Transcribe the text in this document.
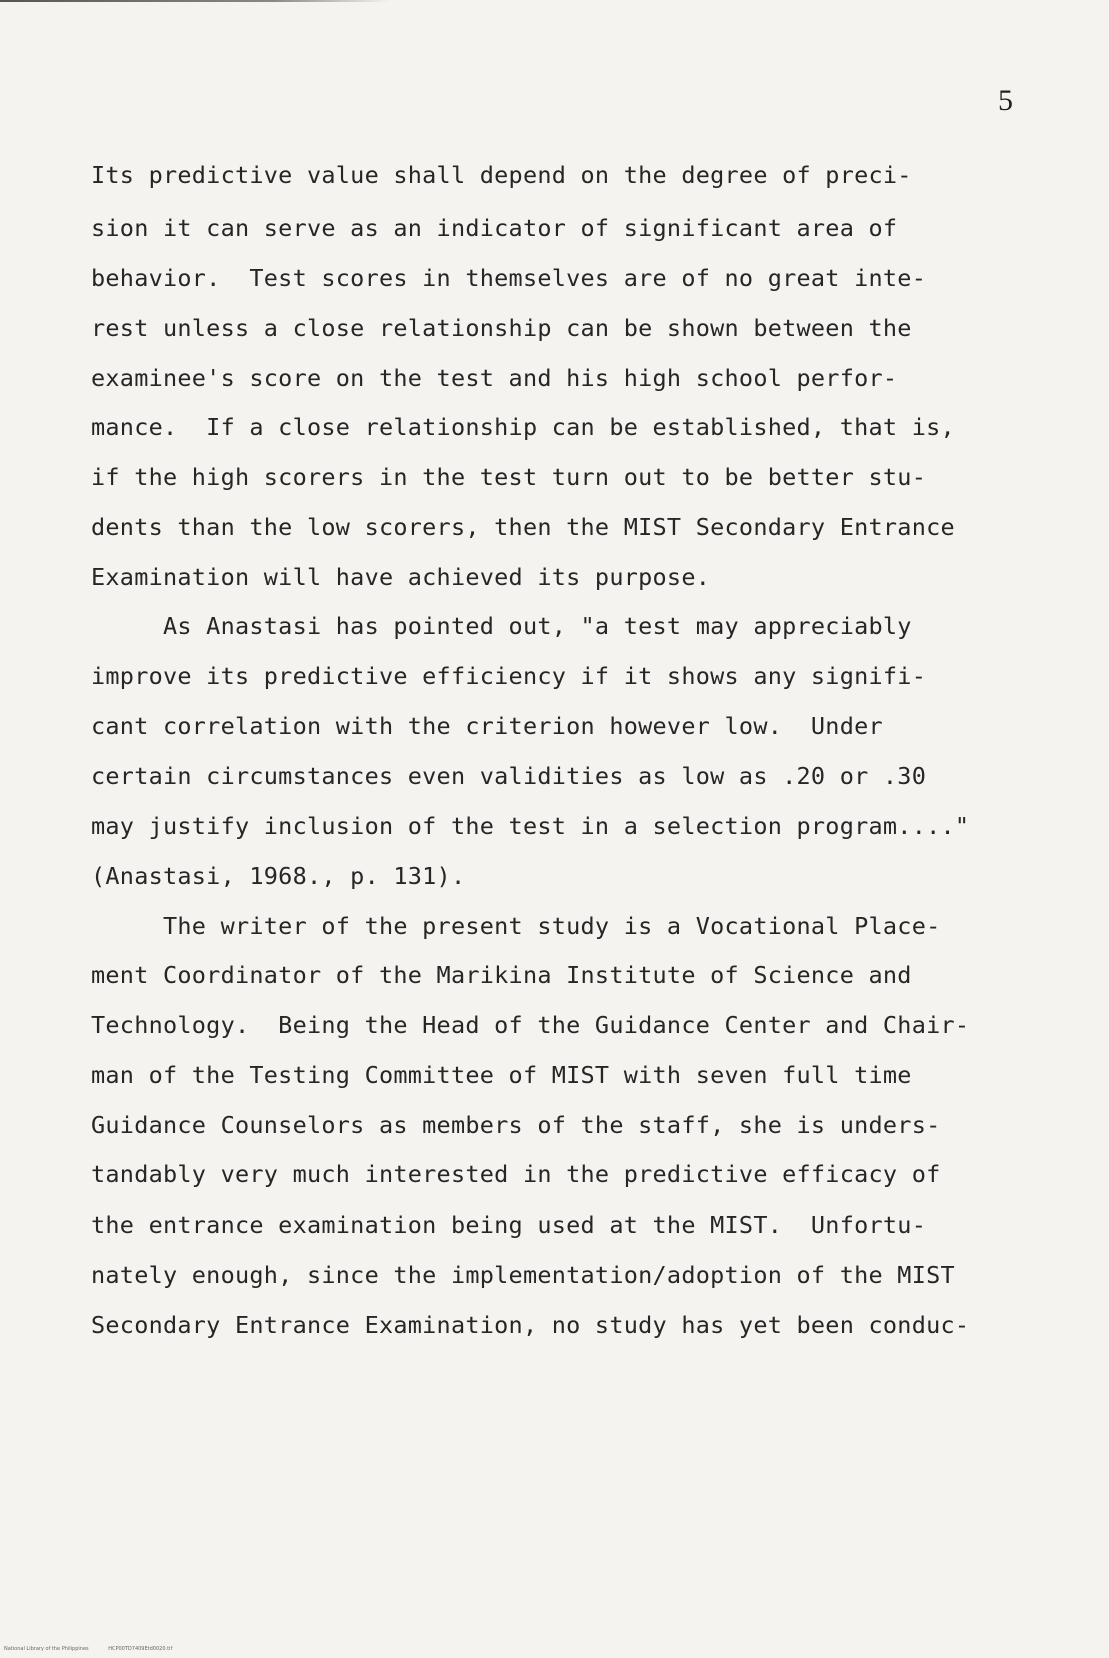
5

Its predictive value shall depend on the degree of preci-

sion it can serve as an indicator of significant area of

behavior.  Test scores in themselves are of no great inte-

rest unless a close relationship can be shown between the

examinee's score on the test and his high school perfor-

mance.  If a close relationship can be established, that is,

if the high scorers in the test turn out to be better stu-

dents than the low scorers, then the MIST Secondary Entrance

Examination will have achieved its purpose.

As Anastasi has pointed out, "a test may appreciably

improve its predictive efficiency if it shows any signifi-

cant correlation with the criterion however low.  Under

certain circumstances even validities as low as .20 or .30

may justify inclusion of the test in a selection program...."

(Anastasi, 1968., p. 131).

The writer of the present study is a Vocational Place-

ment Coordinator of the Marikina Institute of Science and

Technology.  Being the Head of the Guidance Center and Chair-

man of the Testing Committee of MIST with seven full time

Guidance Counselors as members of the staff, she is unders-

tandably very much interested in the predictive efficacy of

the entrance examination being used at the MIST.  Unfortu-

nately enough, since the implementation/adoption of the MIST

Secondary Entrance Examination, no study has yet been conduc-

National Library of the Philippines	HCP00TD7409Etd0020.tif
